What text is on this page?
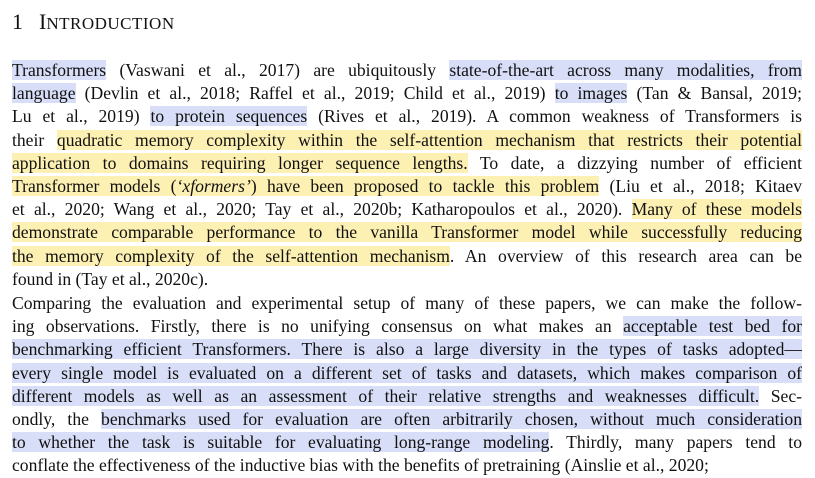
1 INTRODUCTION
Transformers (Vaswani et al., 2017) are ubiquitously state-of-the-art across many modalities, from
language (Devlin et al., 2018; Raffel et al., 2019; Child et al., 2019) to images (Tan & Bansal, 2019;
Lu et al., 2019) to protein sequences (Rives et al., 2019). A common weakness of Transformers is
their quadratic memory complexity within the self-attention mechanism that restricts their potential
application to domains requiring longer sequence lengths. To date, a dizzying number of efficient
Transformer models (‘xformers’) have been proposed to tackle this problem (Liu et al., 2018; Kitaev
et al., 2020; Wang et al., 2020; Tay et al., 2020b; Katharopoulos et al., 2020). Many of these models
demonstrate comparable performance to the vanilla Transformer model while successfully reducing
the memory complexity of the self-attention mechanism. An overview of this research area can be
found in (Tay et al., 2020c).
Comparing the evaluation and experimental setup of many of these papers, we can make the follow-
ing observations. Firstly, there is no unifying consensus on what makes an acceptable test bed for
benchmarking efficient Transformers. There is also a large diversity in the types of tasks adopted—
every single model is evaluated on a different set of tasks and datasets, which makes comparison of
different models as well as an assessment of their relative strengths and weaknesses difficult. Sec-
ondly, the benchmarks used for evaluation are often arbitrarily chosen, without much consideration
to whether the task is suitable for evaluating long-range modeling. Thirdly, many papers tend to
conflate the effectiveness of the inductive bias with the benefits of pretraining (Ainslie et al., 2020;
